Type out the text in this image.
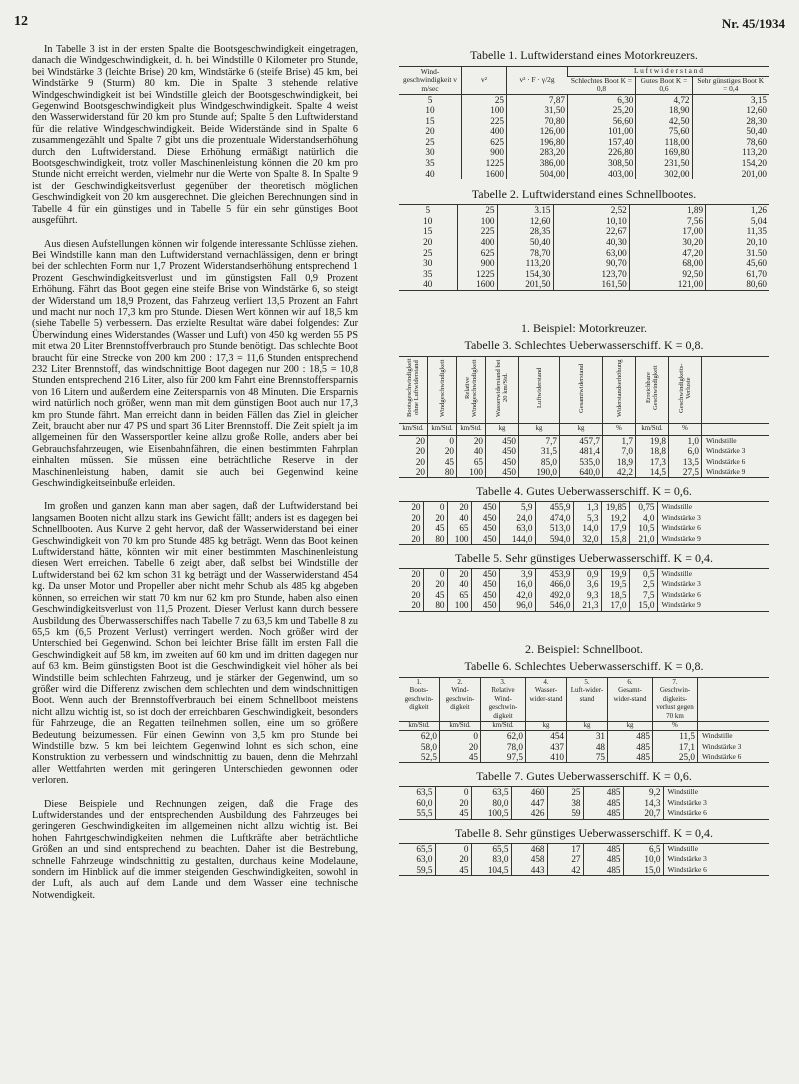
12	Nr. 45/1934

In Tabelle 3 ist in der ersten Spalte die Bootsgeschwindigkeit eingetragen, danach die Windgeschwindigkeit, d. h. bei Windstille 0 Kilometer pro Stunde, bei Windstärke 3 (leichte Brise) 20 km, Windstärke 6 (steife Brise) 45 km, bei Windstärke 9 (Sturm) 80 km. Die in Spalte 3 stehende relative Windgeschwindigkeit ist bei Windstille gleich der Bootsgeschwindigkeit, bei Gegenwind Bootsgeschwindigkeit plus Windgeschwindigkeit. Spalte 4 weist den Wasserwiderstand für 20 km pro Stunde auf; Spalte 5 den Luftwiderstand für die relative Windgeschwindigkeit. Beide Widerstände sind in Spalte 6 zusammengezählt und Spalte 7 gibt uns die prozentuale Widerstandserhöhung durch den Luftwiderstand. Diese Erhöhung ermäßigt natürlich die Bootsgeschwindigkeit, trotz voller Maschinenleistung können die 20 km pro Stunde nicht erreicht werden, vielmehr nur die Werte von Spalte 8. In Spalte 9 ist der Geschwindigkeitsverlust gegenüber der theoretisch möglichen Geschwindigkeit von 20 km ausgerechnet. Die gleichen Berechnungen sind in Tabelle 4 für ein günstiges und in Tabelle 5 für ein sehr günstiges Boot ausgeführt.

Aus diesen Aufstellungen können wir folgende interessante Schlüsse ziehen. Bei Windstille kann man den Luftwiderstand vernachlässigen, denn er bringt bei der schlechten Form nur 1,7 Prozent Widerstandserhöhung entsprechend 1 Prozent Geschwindigkeitsverlust und im günstigsten Fall 0,9 Prozent Erhöhung. Fährt das Boot gegen eine steife Brise von Windstärke 6, so steigt der Widerstand um 18,9 Prozent, das Fahrzeug verliert 13,5 Prozent an Fahrt und macht nur noch 17,3 km pro Stunde. Diesen Wert können wir auf 18,5 km (siehe Tabelle 5) verbessern. Das erzielte Resultat wäre dabei folgendes: Zur Überwindung eines Widerstandes (Wasser und Luft) von 450 kg werden 55 PS mit etwa 20 Liter Brennstoffverbrauch pro Stunde benötigt. Das schlechte Boot braucht für eine Strecke von 200 km 200 : 17,3 = 11,6 Stunden entsprechend 232 Liter Brennstoff, das windschnittige Boot dagegen nur 200 : 18,5 = 10,8 Stunden entsprechend 216 Liter, also für 200 km Fahrt eine Brennstoffersparnis von 16 Litern und außerdem eine Zeitersparnis von 48 Minuten. Die Ersparnis wird natürlich noch größer, wenn man mit dem günstigen Boot auch nur 17,3 km pro Stunde fährt. Man erreicht dann in beiden Fällen das Ziel in gleicher Zeit, braucht aber nur 47 PS und spart 36 Liter Brennstoff. Die Zeit spielt ja im allgemeinen für den Wassersportler keine allzu große Rolle, anders aber bei Gebrauchsfahrzeugen, wie Eisenbahnfähren, die einen bestimmten Fahrplan einhalten müssen. Sie müssen eine beträchtliche Reserve in der Maschinenleistung haben, damit sie auch bei Gegenwind keine Geschwindigkeitseinbuße erleiden.

Im großen und ganzen kann man aber sagen, daß der Luftwiderstand bei langsamen Booten nicht allzu stark ins Gewicht fällt; anders ist es dagegen bei Schnellbooten. Aus Kurve 2 geht hervor, daß der Wasserwiderstand bei einer Geschwindigkeit von 70 km pro Stunde 485 kg beträgt. Wenn das Boot keinen Luftwiderstand hätte, könnten wir mit einer bestimmten Maschinenleistung diesen Wert erreichen. Tabelle 6 zeigt aber, daß selbst bei Windstille der Luftwiderstand bei 62 km schon 31 kg beträgt und der Wasserwiderstand 454 kg. Da unser Motor und Propeller aber nicht mehr Schub als 485 kg abgeben können, so erreichen wir statt 70 km nur 62 km pro Stunde, haben also einen Geschwindigkeitsverlust von 11,5 Prozent. Dieser Verlust kann durch bessere Ausbildung des Überwasserschiffes nach Tabelle 7 zu 63,5 km und Tabelle 8 zu 65,5 km (6,5 Prozent Verlust) verringert werden. Noch größer wird der Unterschied bei Gegenwind. Schon bei leichter Brise fällt im ersten Fall die Geschwindigkeit auf 58 km, im zweiten auf 60 km und im dritten dagegen nur auf 63 km. Beim günstigsten Boot ist die Geschwindigkeit viel höher als bei Windstille beim schlechten Fahrzeug, und je stärker der Gegenwind, um so größer wird die Differenz zwischen dem schlechten und dem windschnittigen Boot. Wenn auch der Brennstoffverbrauch bei einem Schnellboot meistens nicht allzu wichtig ist, so ist doch der erreichbaren Geschwindigkeit, besonders für Fahrzeuge, die an Regatten teilnehmen sollen, eine um so größere Bedeutung beizumessen. Für einen Gewinn von 3,5 km pro Stunde bei Windstille bzw. 5 km bei leichtem Gegenwind lohnt es sich schon, eine Konstruktion zu verbessern und windschnittig zu bauen, denn die Mehrzahl aller Wettfahrten werden mit geringeren Unterschieden gewonnen oder verloren.

Diese Beispiele und Rechnungen zeigen, daß die Frage des Luftwiderstandes und der entsprechenden Ausbildung des Fahrzeuges bei geringeren Geschwindigkeiten im allgemeinen nicht allzu wichtig ist. Bei hohen Fahrtgeschwindigkeiten nehmen die Luftkräfte aber beträchtliche Größen an und sind entsprechend zu beachten. Daher ist die Bestrebung, schnelle Fahrzeuge windschnittig zu gestalten, durchaus keine Modelaune, sondern im Hinblick auf die immer steigenden Geschwindigkeiten, sowohl in der Luft, als auch auf dem Lande und dem Wasser eine technische Notwendigkeit.

Tabelle 1. Luftwiderstand eines Motorkreuzers.
Wind-geschwindigkeit v m/sec	v²	v² · F · γ/2g	L u f t w i d e r s t a n d		
			Schlechtes Boot K = 0,8	Gutes Boot K = 0,6	Sehr günstiges Boot K = 0,4
5	25	7,87	6,30	4,72	3,15
10	100	31,50	25,20	18,90	12,60
15	225	70,80	56,60	42,50	28,30
20	400	126,00	101,00	75,60	50,40
25	625	196,80	157,40	118,00	78,60
30	900	283,20	226,80	169,80	113,20
35	1225	386,00	308,50	231,50	154,20
40	1600	504,00	403,00	302,00	201,00
Tabelle 2. Luftwiderstand eines Schnellbootes.
5	25	3.15	2,52	1,89	1,26
10	100	12,60	10,10	7,56	5,04
15	225	28,35	22,67	17,00	11,35
20	400	50,40	40,30	30,20	20,10
25	625	78,70	63,00	47,20	31.50
30	900	113,20	90,70	68,00	45,60
35	1225	154,30	123,70	92,50	61,70
40	1600	201,50	161,50	121,00	80,60
1. Beispiel: Motorkreuzer.
Tabelle 3. Schlechtes Ueberwasserschiff. K = 0,8.
Bootsgeschwindigkeit ohne Luftwiderstand	Windgeschwindigkeit	Relative Windgeschwindigkeit	Wasserwiderstand bei 20 km/Std.	Luftwiderstand	Gesamtwiderstand	Widerstandserhöhung	Erreichbare Geschwindigkeit	Geschwindigkeits-Verluste	
km/Std.	km/Std.	km/Std.	kg	kg	kg	%	km/Std.	%	
20	0	20	450	7,7	457,7	1,7	19,8	1,0	Windstille
20	20	40	450	31,5	481,4	7,0	18,8	6,0	Windstärke 3
20	45	65	450	85,0	535,0	18,9	17,3	13,5	Windstärke 6
20	80	100	450	190,0	640,0	42,2	14,5	27,5	Windstärke 9
Tabelle 4. Gutes Ueberwasserschiff. K = 0,6.
20	0	20	450	5,9	455,9	1,3	19,85	0,75	Windstille
20	20	40	450	24,0	474,0	5,3	19,2	4,0	Windstärke 3
20	45	65	450	63,0	513,0	14,0	17,9	10,5	Windstärke 6
20	80	100	450	144,0	594,0	32,0	15,8	21,0	Windstärke 9
Tabelle 5. Sehr günstiges Ueberwasserschiff. K = 0,4.
20	0	20	450	3,9	453,9	0,9	19,9	0,5	Windstille
20	20	40	450	16,0	466,0	3,6	19,5	2,5	Windstärke 3
20	45	65	450	42,0	492,0	9,3	18,5	7,5	Windstärke 6
20	80	100	450	96,0	546,0	21,3	17,0	15,0	Windstärke 9
2. Beispiel: Schnellboot.
Tabelle 6. Schlechtes Ueberwasserschiff. K = 0,8.
1.	2.	3.	4.	5.	6.	7.	
Boots-geschwin-digkeit	Wind-geschwin-digkeit	Relative Wind-geschwin-digkeit	Wasser-wider-stand	Luft-wider-stand	Gesamt-wider-stand	Geschwin-digkeits-verlust gegen 70 km	
km/Std.	km/Std.	km/Std.	kg	kg	kg	%	
62,0	0	62,0	454	31	485	11,5	Windstille
58,0	20	78,0	437	48	485	17,1	Windstärke 3
52,5	45	97,5	410	75	485	25,0	Windstärke 6
Tabelle 7. Gutes Ueberwasserschiff. K = 0,6.
63,5	0	63,5	460	25	485	9,2	Windstille
60,0	20	80,0	447	38	485	14,3	Windstärke 3
55,5	45	100,5	426	59	485	20,7	Windstärke 6
Tabelle 8. Sehr günstiges Ueberwasserschiff. K = 0,4.
65,5	0	65,5	468	17	485	6,5	Windstille
63,0	20	83,0	458	27	485	10,0	Windstärke 3
59,5	45	104,5	443	42	485	15,0	Windstärke 6
